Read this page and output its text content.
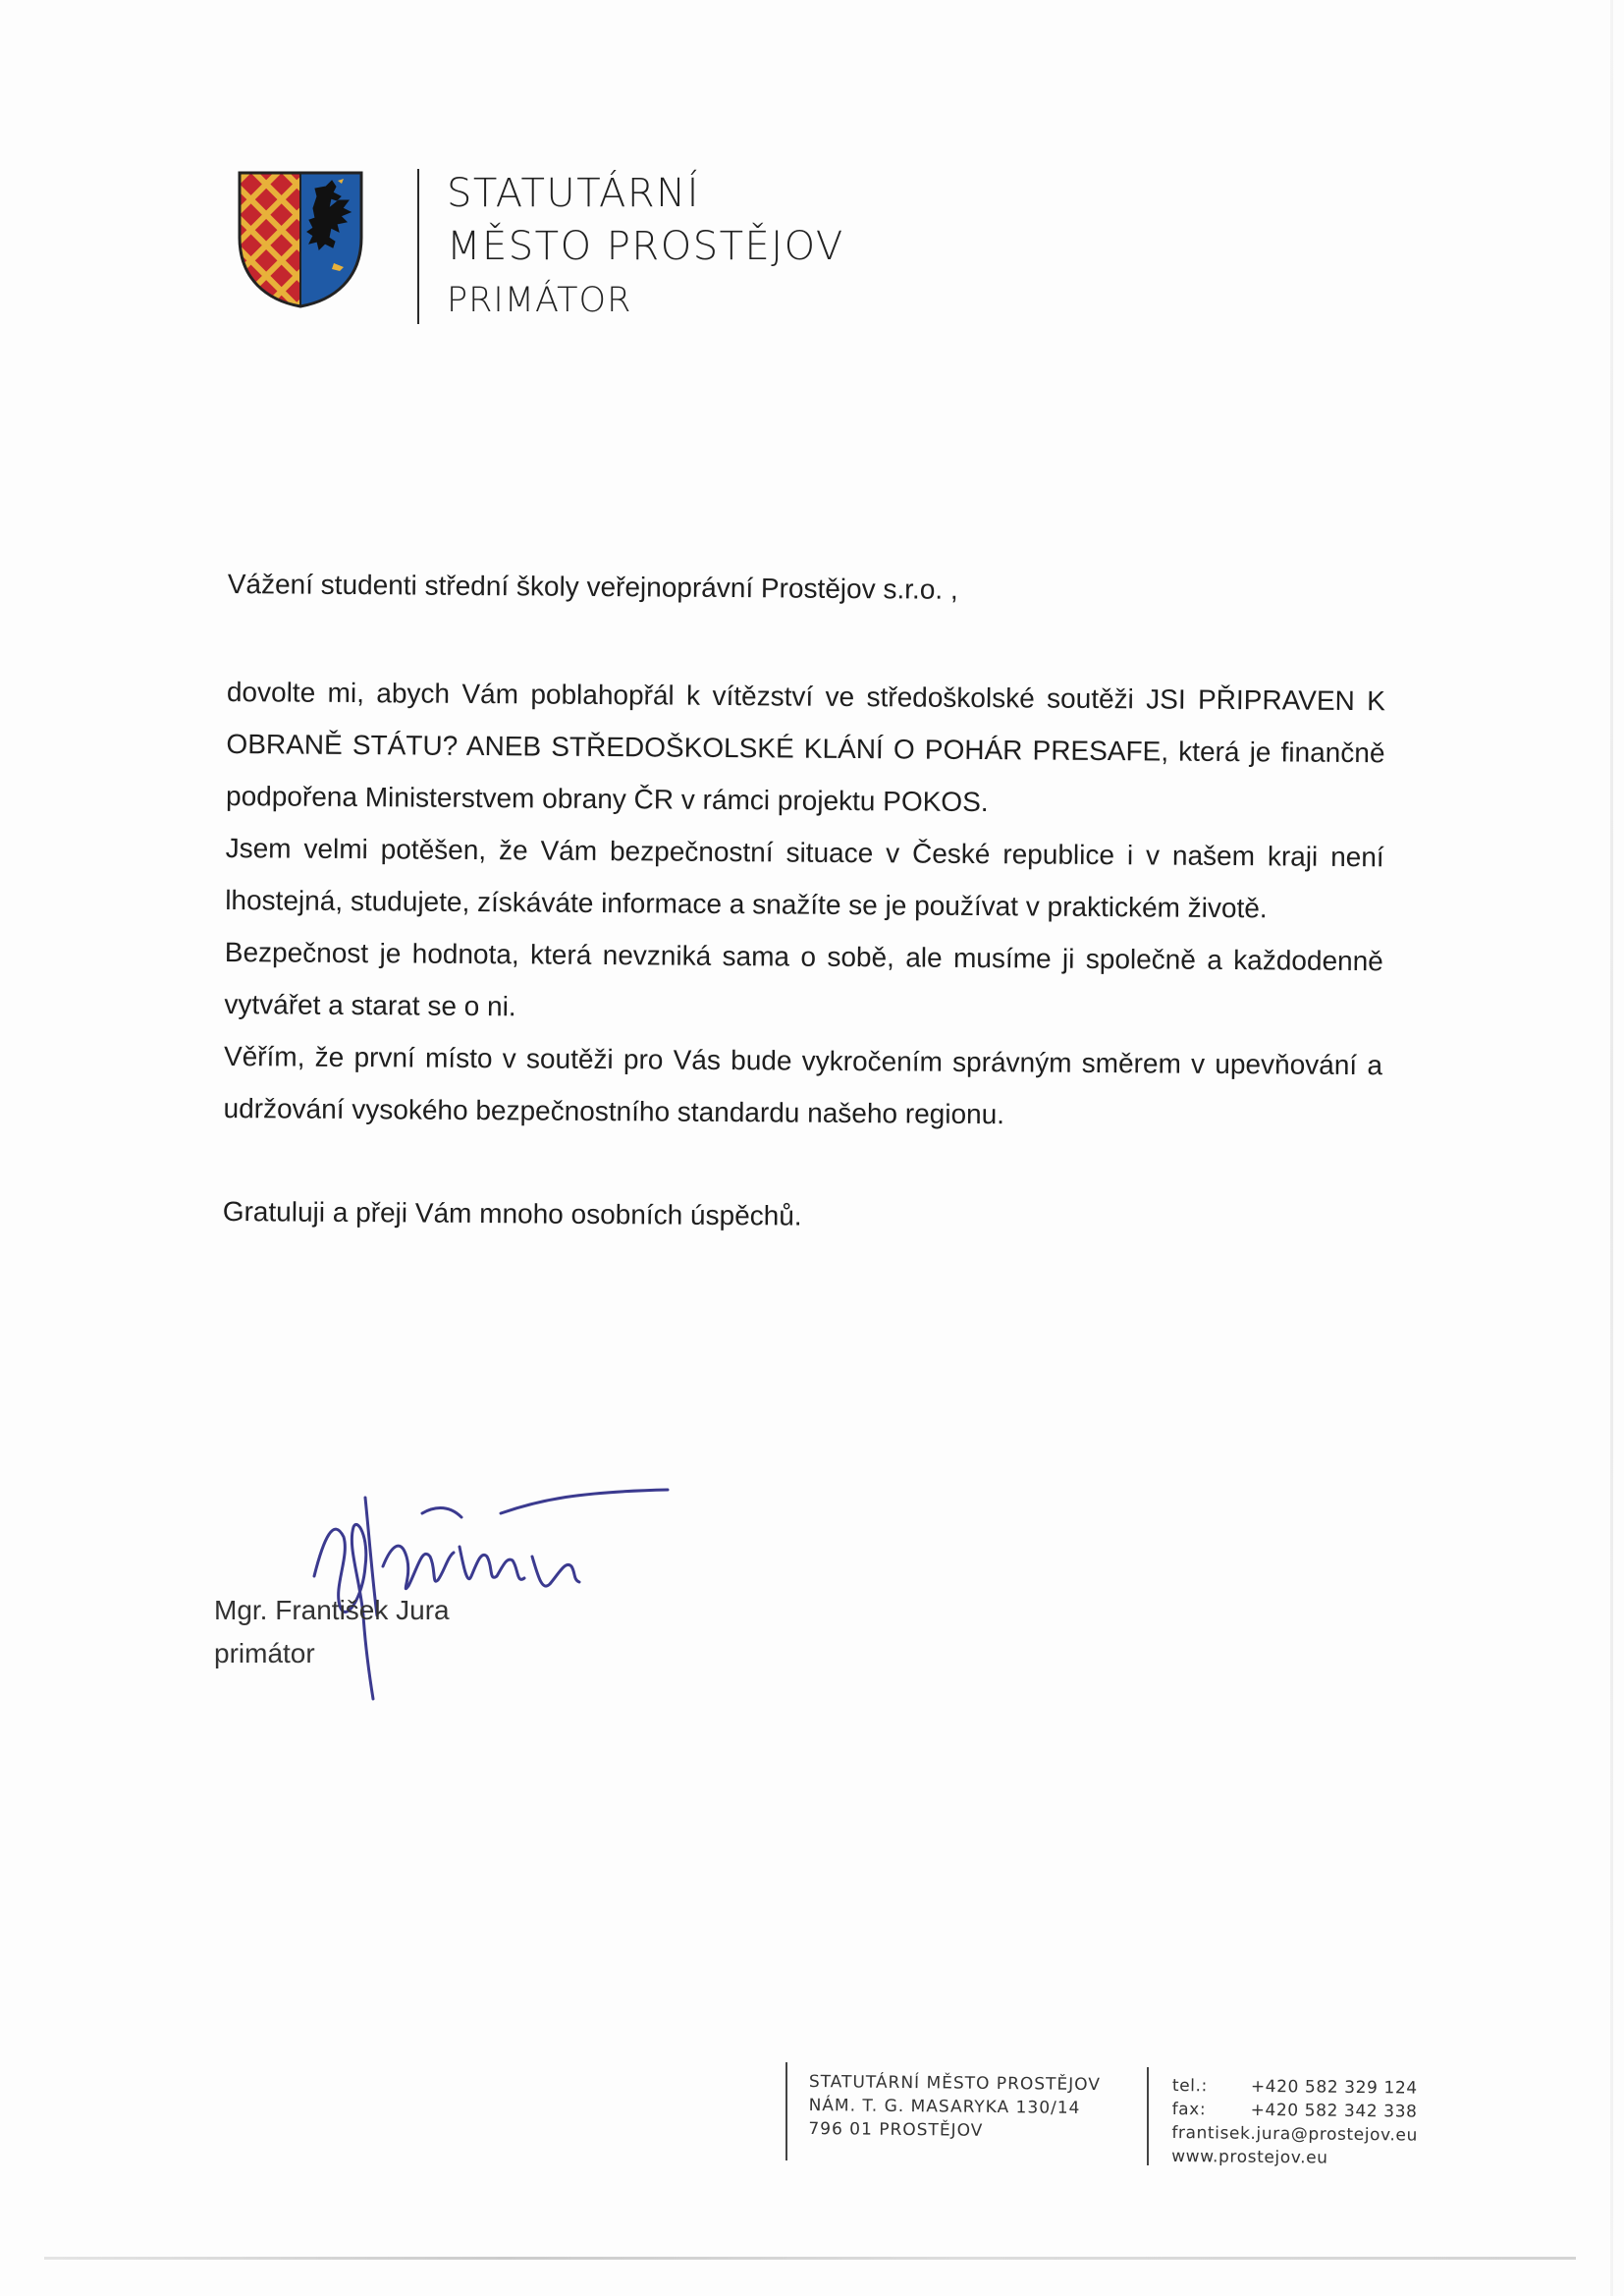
STATUTÁRNÍ
MĚSTO PROSTĚJOV
PRIMÁTOR

Vážení studenti střední školy veřejnoprávní Prostějov s.r.o. ,

dovolte mi, abych Vám poblahopřál k vítězství ve středoškolské soutěži JSI PŘIPRAVEN K OBRANĚ STÁTU? ANEB STŘEDOŠKOLSKÉ KLÁNÍ O POHÁR PRESAFE, která je finančně podpořena Ministerstvem obrany ČR v rámci projektu POKOS.

Jsem velmi potěšen, že Vám bezpečnostní situace v České republice i v našem kraji není lhostejná, studujete, získáváte informace a snažíte se je používat v praktickém životě.

Bezpečnost je hodnota, která nevzniká sama o sobě, ale musíme ji společně a každodenně vytvářet a starat se o ni.

Věřím, že první místo v soutěži pro Vás bude vykročením správným směrem v upevňování a udržování vysokého bezpečnostního standardu našeho regionu.

Gratuluji a přeji Vám mnoho osobních úspěchů.

Mgr. František Jura
primátor
STATUTÁRNÍ MĚSTO PROSTĚJOV
NÁM. T. G. MASARYKA 130/14
796 01 PROSTĚJOV
tel.:	+420 582 329 124
fax:	+420 582 342 338
frantisek.jura@prostejov.eu
www.prostejov.eu
